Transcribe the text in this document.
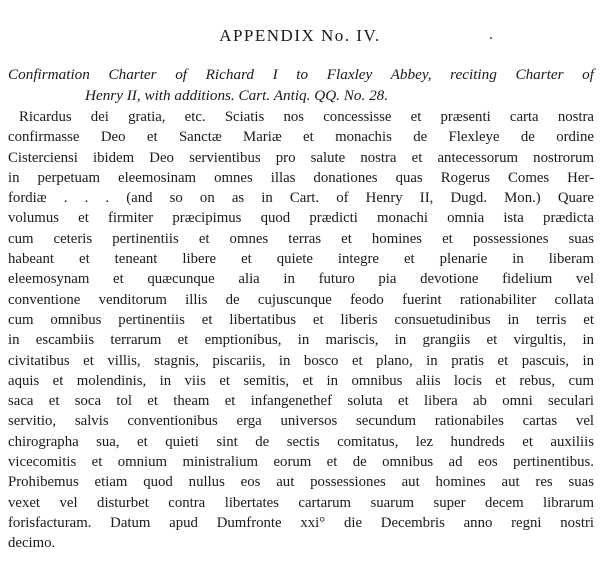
APPENDIX No. IV.
Confirmation Charter of Richard I to Flaxley Abbey, reciting Charter of
Henry II, with additions. Cart. Antiq. QQ. No. 28.
Ricardus dei gratia, etc. Sciatis nos concessisse et præsenti carta nostra
confirmasse Deo et Sanctæ Mariæ et monachis de Flexleye de ordine
Cisterciensi ibidem Deo servientibus pro salute nostra et antecessorum nostrorum
in perpetuam eleemosinam omnes illas donationes quas Rogerus Comes Her-
fordiæ . . . (and so on as in Cart. of Henry II, Dugd. Mon.) Quare
volumus et firmiter præcipimus quod prædicti monachi omnia ista prædicta
cum ceteris pertinentiis et omnes terras et homines et possessiones suas
habeant et teneant libere et quiete integre et plenarie in liberam
eleemosynam et quæcunque alia in futuro pia devotione fidelium vel
conventione venditorum illis de cujuscunque feodo fuerint rationabiliter collata
cum omnibus pertinentiis et libertatibus et liberis consuetudinibus in terris et
in escambiis terrarum et emptionibus, in mariscis, in grangiis et virgultis, in
civitatibus et villis, stagnis, piscariis, in bosco et plano, in pratis et pascuis, in
aquis et molendinis, in viis et semitis, et in omnibus aliis locis et rebus, cum
saca et soca tol et theam et infangenethef soluta et libera ab omni seculari
servitio, salvis conventionibus erga universos secundum rationabiles cartas vel
chirographa sua, et quieti sint de sectis comitatus, lez hundreds et auxiliis
vicecomitis et omnium ministralium eorum et de omnibus ad eos pertinentibus.
Prohibemus etiam quod nullus eos aut possessiones aut homines aut res suas
vexet vel disturbet contra libertates cartarum suarum super decem librarum
forisfacturam. Datum apud Dumfronte xxi° die Decembris anno regni nostri
decimo.
